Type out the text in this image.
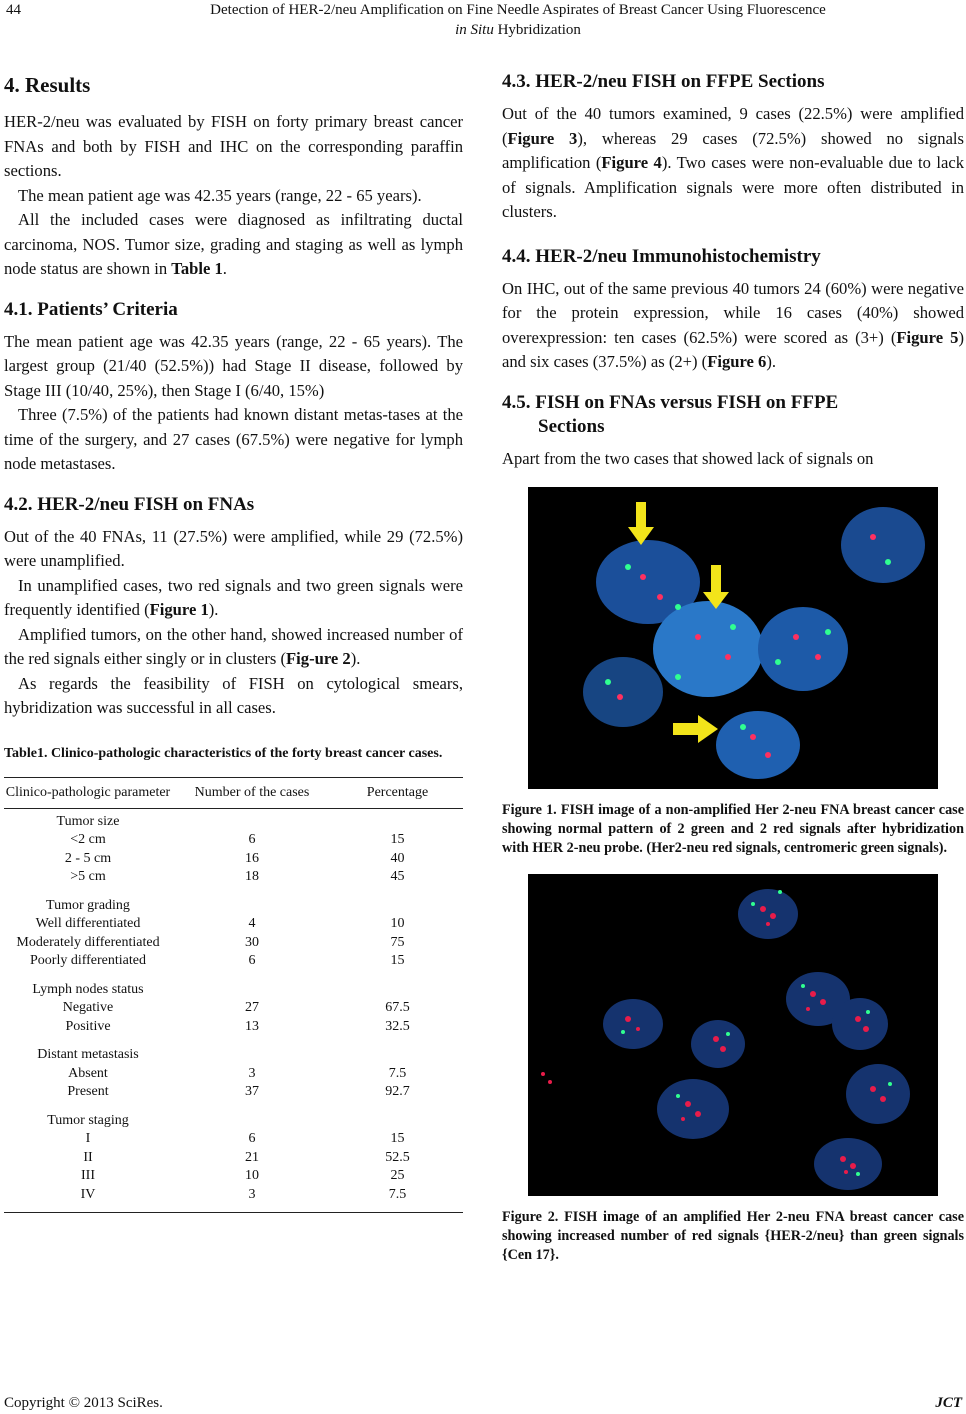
44	Detection of HER-2/neu Amplification on Fine Needle Aspirates of Breast Cancer Using Fluorescence
in Situ Hybridization
4. Results

HER-2/neu was evaluated by FISH on forty primary breast cancer FNAs and both by FISH and IHC on the corresponding paraffin sections.

The mean patient age was 42.35 years (range, 22 - 65 years).

All the included cases were diagnosed as infiltrating ductal carcinoma, NOS. Tumor size, grading and staging as well as lymph node status are shown in Table 1.

4.1. Patients’ Criteria

The mean patient age was 42.35 years (range, 22 - 65 years). The largest group (21/40 (52.5%)) had Stage II disease, followed by Stage III (10/40, 25%), then Stage I (6/40, 15%)

Three (7.5%) of the patients had known distant metas-tases at the time of the surgery, and 27 cases (67.5%) were negative for lymph node metastases.

4.2. HER-2/neu FISH on FNAs

Out of the 40 FNAs, 11 (27.5%) were amplified, while 29 (72.5%) were unamplified.

In unamplified cases, two red signals and two green signals were frequently identified (Figure 1).

Amplified tumors, on the other hand, showed increased number of the red signals either singly or in clusters (Fig-ure 2).

As regards the feasibility of FISH on cytological smears, hybridization was successful in all cases.

Table1. Clinico-pathologic characteristics of the forty breast cancer cases.
Clinico-pathologic parameter	Number of the cases	Percentage
Tumor size		
<2 cm	6	15
2 - 5 cm	16	40
>5 cm	18	45
Tumor grading		
Well differentiated	4	10
Moderately differentiated	30	75
Poorly differentiated	6	15
Lymph nodes status		
Negative	27	67.5
Positive	13	32.5
Distant metastasis		
Absent	3	7.5
Present	37	92.7
Tumor staging		
I	6	15
II	21	52.5
III	10	25
IV	3	7.5
4.3. HER-2/neu FISH on FFPE Sections

Out of the 40 tumors examined, 9 cases (22.5%) were amplified (Figure 3), whereas 29 cases (72.5%) showed no signals amplification (Figure 4). Two cases were non-evaluable due to lack of signals. Amplification signals were more often distributed in clusters.

4.4. HER-2/neu Immunohistochemistry

On IHC, out of the same previous 40 tumors 24 (60%) were negative for the protein expression, while 16 cases (40%) showed overexpression: ten cases (62.5%) were scored as (3+) (Figure 5) and six cases (37.5%) as (2+) (Figure 6).

4.5. FISH on FNAs versus FISH on FFPE
Sections

Apart from the two cases that showed lack of signals on

Figure 1. FISH image of a non-amplified Her 2-neu FNA breast cancer case showing normal pattern of 2 green and 2 red signals after hybridization with HER 2-neu probe. (Her2-neu red signals, centromeric green signals).
Figure 2. FISH image of an amplified Her 2-neu FNA breast cancer case showing increased number of red signals {HER-2/neu} than green signals {Cen 17}.
Copyright © 2013 SciRes.	JCT
